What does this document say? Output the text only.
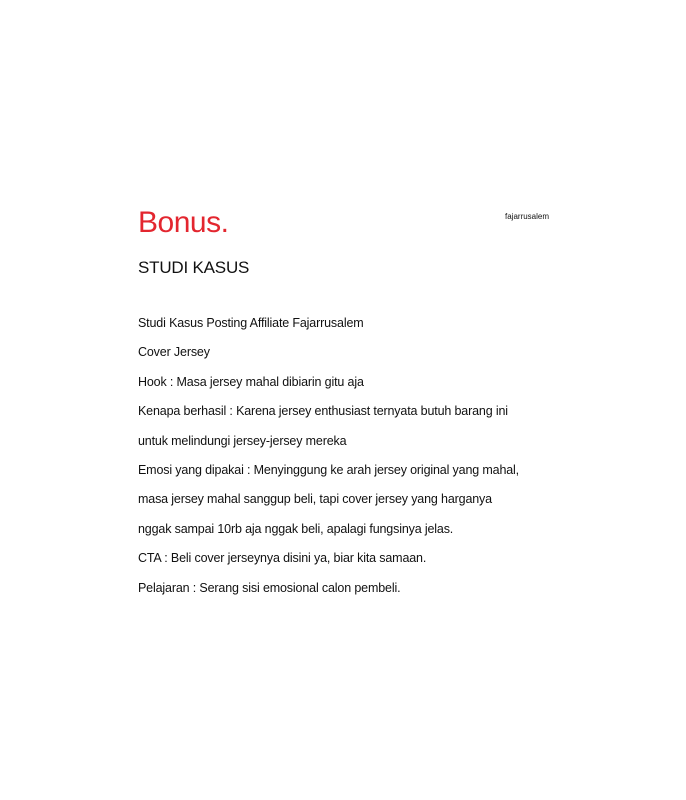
Bonus.	fajarrusalem

STUDI KASUS
Studi Kasus Posting Affiliate Fajarrusalem
Cover Jersey
Hook : Masa jersey mahal dibiarin gitu aja
Kenapa berhasil : Karena jersey enthusiast ternyata butuh barang ini
untuk melindungi jersey-jersey mereka
Emosi yang dipakai : Menyinggung ke arah jersey original yang mahal,
masa jersey mahal sanggup beli, tapi cover jersey yang harganya
nggak sampai 10rb aja nggak beli, apalagi fungsinya jelas.
CTA : Beli cover jerseynya disini ya, biar kita samaan.
Pelajaran : Serang sisi emosional calon pembeli.
